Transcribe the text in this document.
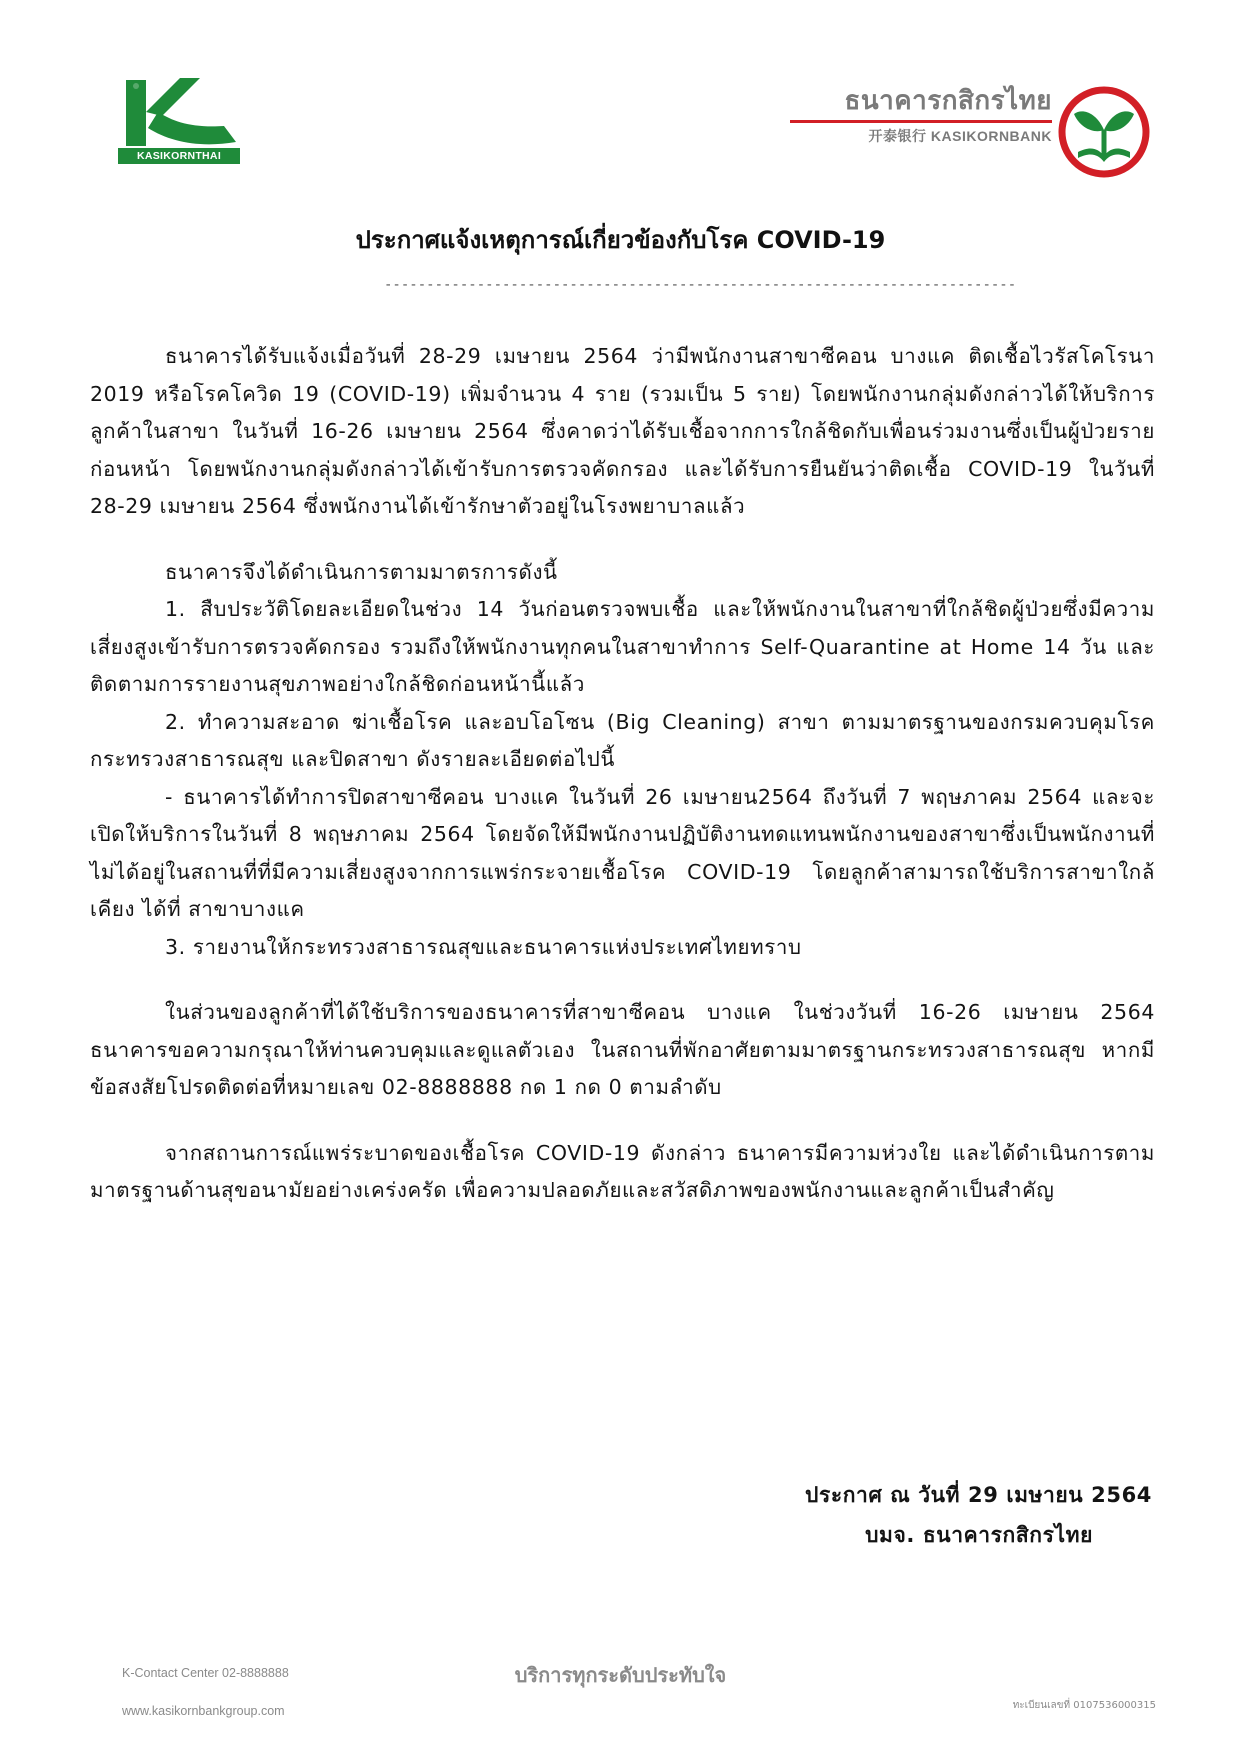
KASIKORNTHAI
ธนาคารกสิกรไทย
开泰银行 KASIKORNBANK
ประกาศแจ้งเหตุการณ์เกี่ยวข้องกับโรค COVID-19
---------------------------------------------------------------------------

ธนาคารได้รับแจ้งเมื่อวันที่ 28-29 เมษายน 2564 ว่ามีพนักงานสาขาซีคอน บางแค ติดเชื้อไวรัสโคโรนา 2019 หรือโรคโควิด 19 (COVID-19) เพิ่มจำนวน 4 ราย (รวมเป็น 5 ราย) โดยพนักงานกลุ่มดังกล่าวได้ให้บริการลูกค้าในสาขา ในวันที่ 16-26 เมษายน 2564 ซึ่งคาดว่าได้รับเชื้อจากการใกล้ชิดกับเพื่อนร่วมงานซึ่งเป็นผู้ป่วยรายก่อนหน้า โดยพนักงานกลุ่มดังกล่าวได้เข้ารับการตรวจคัดกรอง และได้รับการยืนยันว่าติดเชื้อ COVID-19 ในวันที่ 28-29 เมษายน 2564 ซึ่งพนักงานได้เข้ารักษาตัวอยู่ในโรงพยาบาลแล้ว

ธนาคารจึงได้ดำเนินการตามมาตรการดังนี้

1. สืบประวัติโดยละเอียดในช่วง 14 วันก่อนตรวจพบเชื้อ และให้พนักงานในสาขาที่ใกล้ชิดผู้ป่วยซึ่งมีความเสี่ยงสูงเข้ารับการตรวจคัดกรอง รวมถึงให้พนักงานทุกคนในสาขาทำการ Self-Quarantine at Home 14 วัน และติดตามการรายงานสุขภาพอย่างใกล้ชิดก่อนหน้านี้แล้ว

2. ทำความสะอาด ฆ่าเชื้อโรค และอบโอโซน (Big Cleaning) สาขา ตามมาตรฐานของกรมควบคุมโรค กระทรวงสาธารณสุข และปิดสาขา ดังรายละเอียดต่อไปนี้

- ธนาคารได้ทำการปิดสาขาซีคอน บางแค ในวันที่ 26 เมษายน2564 ถึงวันที่ 7 พฤษภาคม 2564 และจะเปิดให้บริการในวันที่ 8 พฤษภาคม 2564 โดยจัดให้มีพนักงานปฏิบัติงานทดแทนพนักงานของสาขาซึ่งเป็นพนักงานที่ไม่ได้อยู่ในสถานที่ที่มีความเสี่ยงสูงจากการแพร่กระจายเชื้อโรค COVID-19 โดยลูกค้าสามารถใช้บริการสาขาใกล้เคียง ได้ที่ สาขาบางแค

3. รายงานให้กระทรวงสาธารณสุขและธนาคารแห่งประเทศไทยทราบ

ในส่วนของลูกค้าที่ได้ใช้บริการของธนาคารที่สาขาซีคอน บางแค ในช่วงวันที่ 16-26 เมษายน 2564 ธนาคารขอความกรุณาให้ท่านควบคุมและดูแลตัวเอง ในสถานที่พักอาศัยตามมาตรฐานกระทรวงสาธารณสุข หากมีข้อสงสัยโปรดติดต่อที่หมายเลข 02-8888888 กด 1 กด 0 ตามลำดับ

จากสถานการณ์แพร่ระบาดของเชื้อโรค COVID-19 ดังกล่าว ธนาคารมีความห่วงใย และได้ดำเนินการตามมาตรฐานด้านสุขอนามัยอย่างเคร่งครัด เพื่อความปลอดภัยและสวัสดิภาพของพนักงานและลูกค้าเป็นสำคัญ

ประกาศ ณ วันที่ 29 เมษายน 2564
บมจ. ธนาคารกสิกรไทย
K-Contact Center 02-8888888
www.kasikornbankgroup.com
บริการทุกระดับประทับใจ
ทะเบียนเลขที่ 0107536000315
